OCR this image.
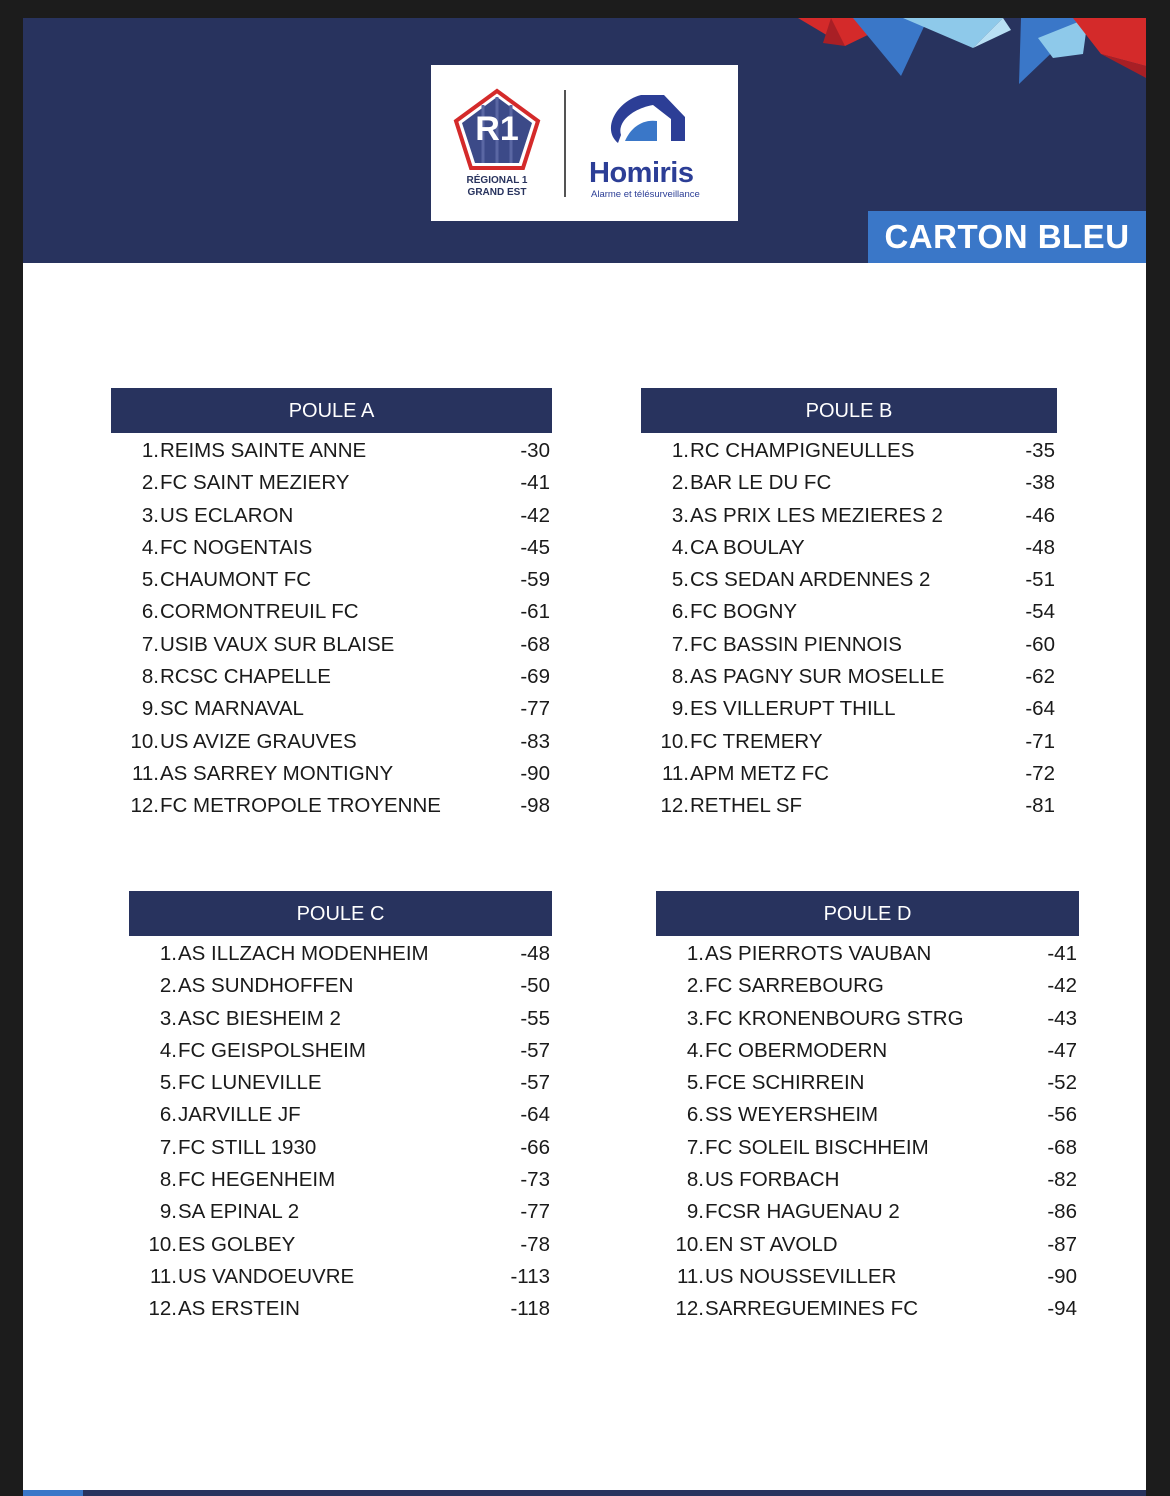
R1
RÉGIONAL 1
GRAND EST
Homiris
Alarme et télésurveillance
CARTON BLEU
POULE A
1. REIMS SAINTE ANNE	-30
2. FC SAINT MEZIERY	-41
3. US ECLARON	-42
4. FC NOGENTAIS	-45
5. CHAUMONT FC	-59
6. CORMONTREUIL FC	-61
7. USIB VAUX SUR BLAISE	-68
8. RCSC CHAPELLE	-69
9. SC MARNAVAL	-77
10. US AVIZE GRAUVES	-83
11. AS SARREY MONTIGNY	-90
12. FC METROPOLE TROYENNE	-98
POULE B
1. RC CHAMPIGNEULLES	-35
2. BAR LE DU FC	-38
3. AS PRIX LES MEZIERES 2	-46
4. CA BOULAY	-48
5. CS SEDAN ARDENNES 2	-51
6. FC BOGNY	-54
7. FC BASSIN PIENNOIS	-60
8. AS PAGNY SUR MOSELLE	-62
9. ES VILLERUPT THILL	-64
10. FC TREMERY	-71
11. APM METZ FC	-72
12. RETHEL SF	-81
POULE C
1. AS ILLZACH MODENHEIM	-48
2. AS SUNDHOFFEN	-50
3. ASC BIESHEIM 2	-55
4. FC GEISPOLSHEIM	-57
5. FC LUNEVILLE	-57
6. JARVILLE JF	-64
7. FC STILL 1930	-66
8. FC HEGENHEIM	-73
9. SA EPINAL 2	-77
10. ES GOLBEY	-78
11. US VANDOEUVRE	-113
12. AS ERSTEIN	-118
POULE D
1. AS PIERROTS VAUBAN	-41
2. FC SARREBOURG	-42
3. FC KRONENBOURG STRG	-43
4. FC OBERMODERN	-47
5. FCE SCHIRREIN	-52
6. SS WEYERSHEIM	-56
7. FC SOLEIL BISCHHEIM	-68
8. US FORBACH	-82
9. FCSR HAGUENAU 2	-86
10. EN ST AVOLD	-87
11. US NOUSSEVILLER	-90
12. SARREGUEMINES FC	-94
